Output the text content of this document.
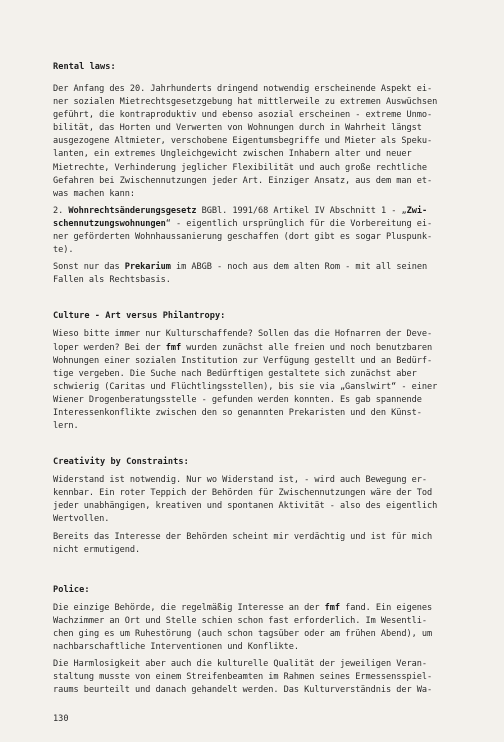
Rental laws:
Der Anfang des 20. Jahrhunderts dringend notwendig erscheinende Aspekt ei-
ner sozialen Mietrechtsgesetzgebung hat mittlerweile zu extremen Auswüchsen
geführt, die kontraproduktiv und ebenso asozial erscheinen - extreme Unmo-
bilität, das Horten und Verwerten von Wohnungen durch in Wahrheit längst
ausgezogene Altmieter, verschobene Eigentumsbegriffe und Mieter als Speku-
lanten, ein extremes Ungleichgewicht zwischen Inhabern alter und neuer
Mietrechte, Verhinderung jeglicher Flexibilität und auch große rechtliche
Gefahren bei Zwischennutzungen jeder Art. Einziger Ansatz, aus dem man et-
was machen kann:
2. Wohnrechtsänderungsgesetz BGBl. 1991/68 Artikel IV Abschnitt 1 - „Zwi-
schennutzungswohnungen“ - eigentlich ursprünglich für die Vorbereitung ei-
ner geförderten Wohnhaussanierung geschaffen (dort gibt es sogar Pluspunk-
te).
Sonst nur das Prekarium im ABGB - noch aus dem alten Rom - mit all seinen
Fallen als Rechtsbasis.
Culture - Art versus Philantropy:
Wieso bitte immer nur Kulturschaffende? Sollen das die Hofnarren der Deve-
loper werden? Bei der fmf wurden zunächst alle freien und noch benutzbaren
Wohnungen einer sozialen Institution zur Verfügung gestellt und an Bedürf-
tige vergeben. Die Suche nach Bedürftigen gestaltete sich zunächst aber
schwierig (Caritas und Flüchtlingsstellen), bis sie via „Ganslwirt“ - einer
Wiener Drogenberatungsstelle - gefunden werden konnten. Es gab spannende
Interessenkonflikte zwischen den so genannten Prekaristen und den Künst-
lern.
Creativity by Constraints:
Widerstand ist notwendig. Nur wo Widerstand ist, - wird auch Bewegung er-
kennbar. Ein roter Teppich der Behörden für Zwischennutzungen wäre der Tod
jeder unabhängigen, kreativen und spontanen Aktivität - also des eigentlich
Wertvollen.
Bereits das Interesse der Behörden scheint mir verdächtig und ist für mich
nicht ermutigend.
Police:
Die einzige Behörde, die regelmäßig Interesse an der fmf fand. Ein eigenes
Wachzimmer an Ort und Stelle schien schon fast erforderlich. Im Wesentli-
chen ging es um Ruhestörung (auch schon tagsüber oder am frühen Abend), um
nachbarschaftliche Interventionen und Konflikte.
Die Harmlosigkeit aber auch die kulturelle Qualität der jeweiligen Veran-
staltung musste von einem Streifenbeamten im Rahmen seines Ermessensspiel-
raums beurteilt und danach gehandelt werden. Das Kulturverständnis der Wa-
130
